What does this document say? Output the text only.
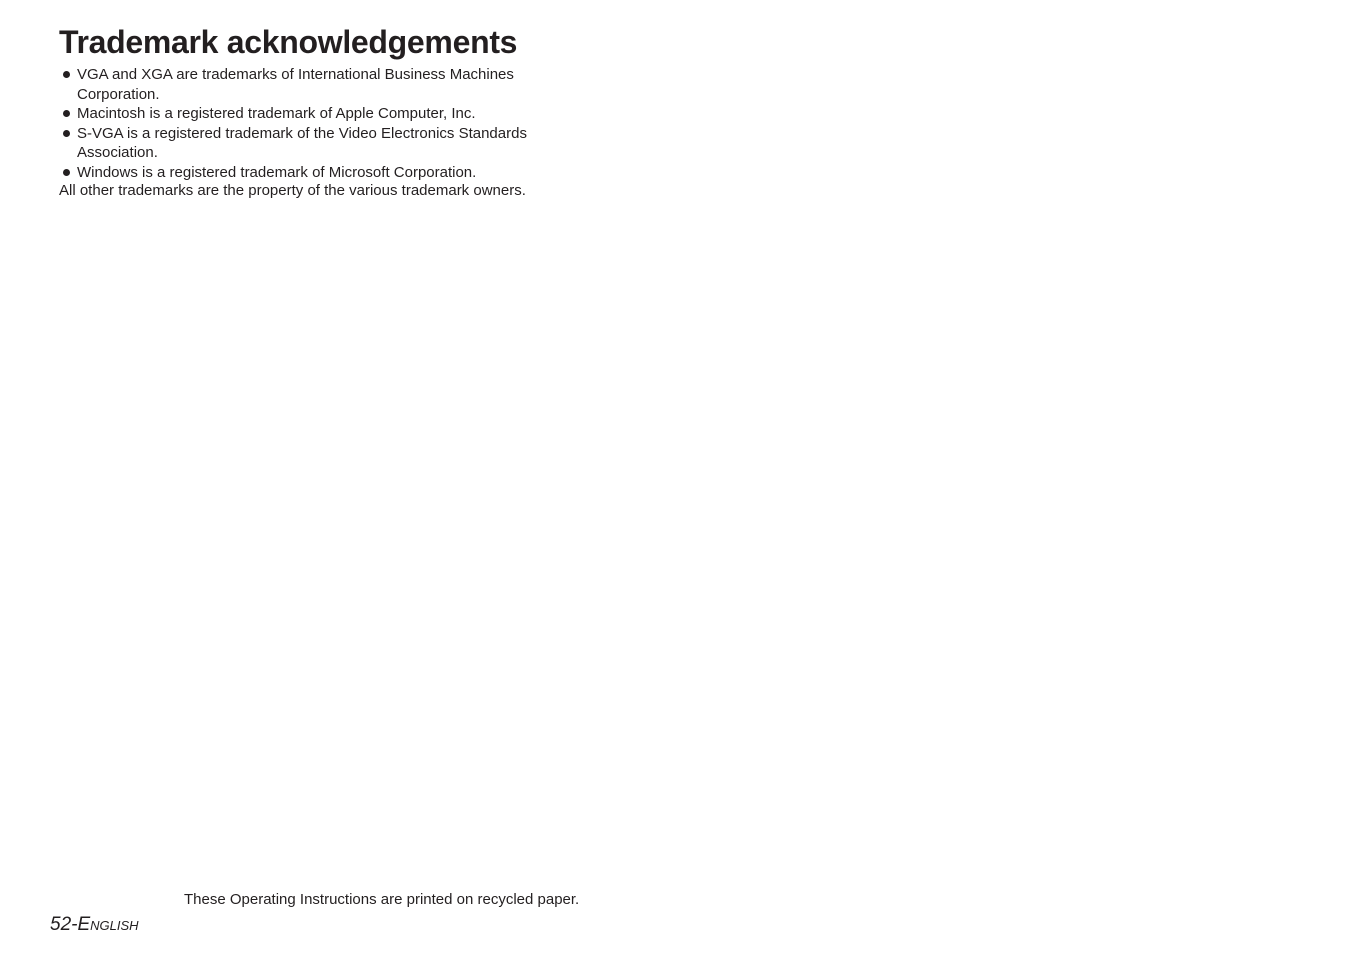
Trademark acknowledgements
VGA and XGA are trademarks of International Business Machines Corporation.
Macintosh is a registered trademark of Apple Computer, Inc.
S-VGA is a registered trademark of the Video Electronics Standards Association.
Windows is a registered trademark of Microsoft Corporation.
All other trademarks are the property of the various trademark owners.
These Operating Instructions are printed on recycled paper.
52-English
